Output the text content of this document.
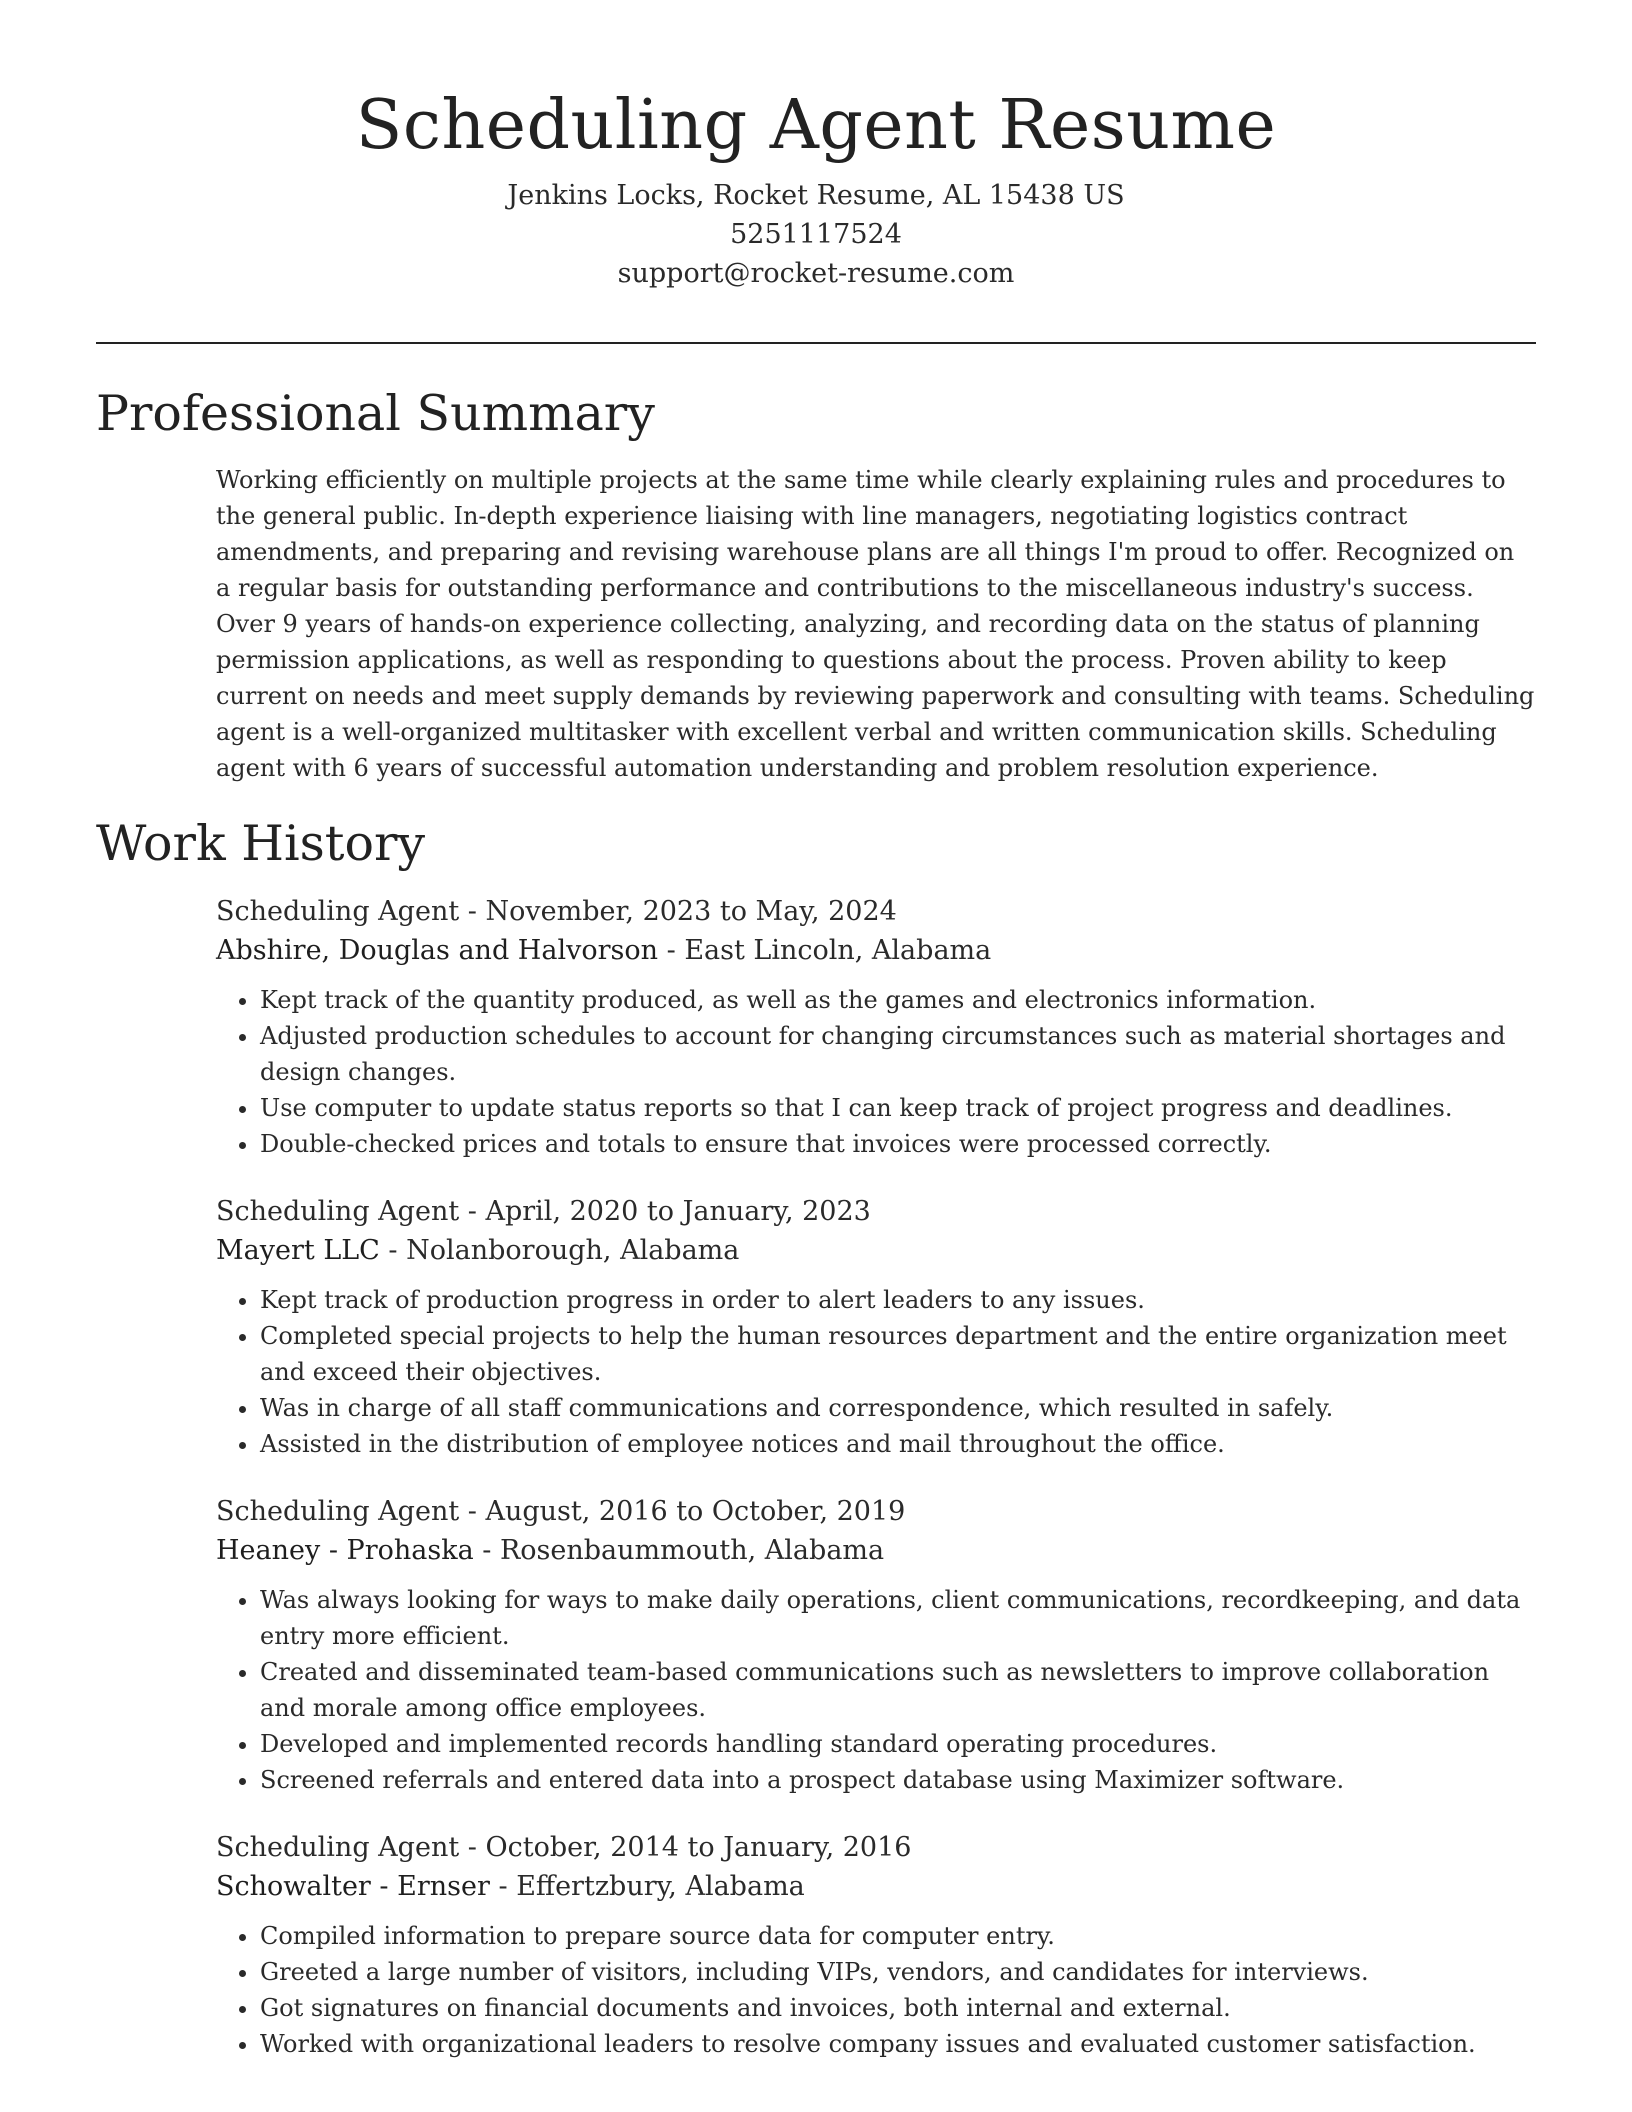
Scheduling Agent Resume

Jenkins Locks, Rocket Resume, AL 15438 US

5251117524

support@rocket-resume.com

Professional Summary

Working efficiently on multiple projects at the same time while clearly explaining rules and procedures to the general public. In-depth experience liaising with line managers, negotiating logistics contract amendments, and preparing and revising warehouse plans are all things I'm proud to offer. Recognized on a regular basis for outstanding performance and contributions to the miscellaneous industry's success. Over 9 years of hands-on experience collecting, analyzing, and recording data on the status of planning permission applications, as well as responding to questions about the process. Proven ability to keep current on needs and meet supply demands by reviewing paperwork and consulting with teams. Scheduling agent is a well-organized multitasker with excellent verbal and written communication skills. Scheduling agent with 6 years of successful automation understanding and problem resolution experience.

Work History

Scheduling Agent - November, 2023 to May, 2024

Abshire, Douglas and Halvorson - East Lincoln, Alabama

• Kept track of the quantity produced, as well as the games and electronics information.
• Adjusted production schedules to account for changing circumstances such as material shortages and design changes.
• Use computer to update status reports so that I can keep track of project progress and deadlines.
• Double-checked prices and totals to ensure that invoices were processed correctly.

Scheduling Agent - April, 2020 to January, 2023

Mayert LLC - Nolanborough, Alabama

• Kept track of production progress in order to alert leaders to any issues.
• Completed special projects to help the human resources department and the entire organization meet and exceed their objectives.
• Was in charge of all staff communications and correspondence, which resulted in safely.
• Assisted in the distribution of employee notices and mail throughout the office.

Scheduling Agent - August, 2016 to October, 2019

Heaney - Prohaska - Rosenbaummouth, Alabama

• Was always looking for ways to make daily operations, client communications, recordkeeping, and data entry more efficient.
• Created and disseminated team-based communications such as newsletters to improve collaboration and morale among office employees.
• Developed and implemented records handling standard operating procedures.
• Screened referrals and entered data into a prospect database using Maximizer software.

Scheduling Agent - October, 2014 to January, 2016

Schowalter - Ernser - Effertzbury, Alabama

• Compiled information to prepare source data for computer entry.
• Greeted a large number of visitors, including VIPs, vendors, and candidates for interviews.
• Got signatures on financial documents and invoices, both internal and external.
• Worked with organizational leaders to resolve company issues and evaluated customer satisfaction.
